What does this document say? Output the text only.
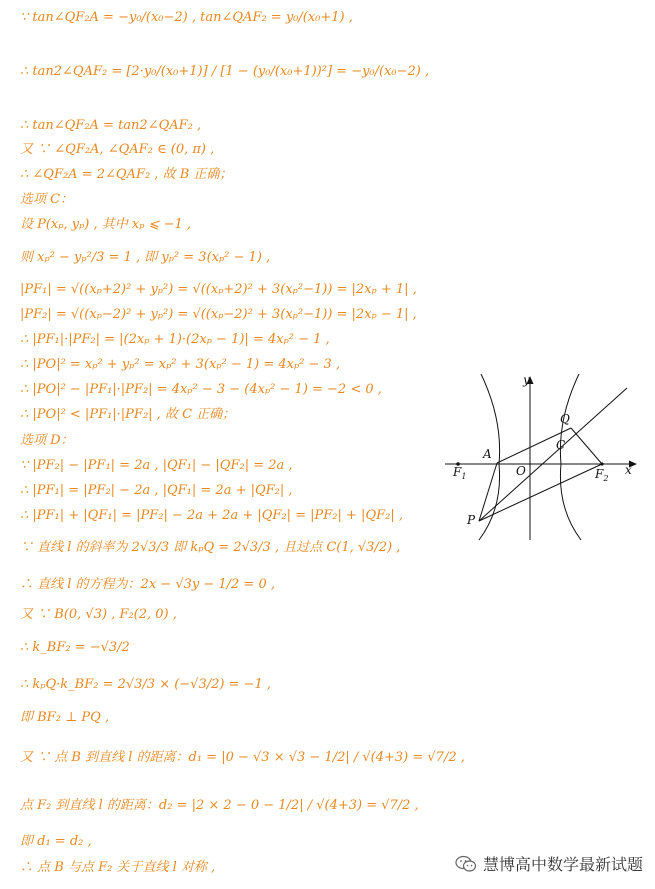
∵ tan∠QF₂A = −y₀/(x₀−2) , tan∠QAF₂ = y₀/(x₀+1) ,
∴ tan2∠QAF₂ = [2·y₀/(x₀+1)] / [1 − (y₀/(x₀+1))²] = −y₀/(x₀−2) ,
∴ tan∠QF₂A = tan2∠QAF₂ ,
又 ∵ ∠QF₂A, ∠QAF₂ ∈ (0, π) ,
∴ ∠QF₂A = 2∠QAF₂ , 故 B 正确；
选项 C：
设 P(xₚ, yₚ) , 其中 xₚ ⩽ −1 ,
则 xₚ² − yₚ²/3 = 1 , 即 yₚ² = 3(xₚ² − 1) ,
|PF₁| = √((xₚ+2)² + yₚ²) = √((xₚ+2)² + 3(xₚ²−1)) = |2xₚ + 1| ,
|PF₂| = √((xₚ−2)² + yₚ²) = √((xₚ−2)² + 3(xₚ²−1)) = |2xₚ − 1| ,
∴ |PF₁|·|PF₂| = |(2xₚ + 1)·(2xₚ − 1)| = 4xₚ² − 1 ,
∴ |PO|² = xₚ² + yₚ² = xₚ² + 3(xₚ² − 1) = 4xₚ² − 3 ,
∴ |PO|² − |PF₁|·|PF₂| = 4xₚ² − 3 − (4xₚ² − 1) = −2 < 0 ,
∴ |PO|² < |PF₁|·|PF₂| , 故 C 正确；
选项 D：
∵ |PF₂| − |PF₁| = 2a , |QF₁| − |QF₂| = 2a ,
∴ |PF₁| = |PF₂| − 2a , |QF₁| = 2a + |QF₂| ,
∴ |PF₁| + |QF₁| = |PF₂| − 2a + 2a + |QF₂| = |PF₂| + |QF₂| ,
∵ 直线 l 的斜率为 2√3/3 即 kₚQ = 2√3/3 , 且过点 C(1, √3/2) ,
∴ 直线 l 的方程为：2x − √3y − 1/2 = 0 ,
又 ∵ B(0, √3) , F₂(2, 0) ,
∴ k_BF₂ = −√3/2
∴ kₚQ·k_BF₂ = 2√3/3 × (−√3/2) = −1 ,
即 BF₂ ⊥ PQ ,
又 ∵ 点 B 到直线 l 的距离：d₁ = |0 − √3 × √3 − 1/2| / √(4+3) = √7/2 ,
点 F₂ 到直线 l 的距离：d₂ = |2 × 2 − 0 − 1/2| / √(4+3) = √7/2 ,
即 d₁ = d₂ ,
∴ 点 B 与点 F₂ 关于直线 l 对称 ,
y
x
Q
C
A
O
$F_1$	$F_2$
P
慧博高中数学最新试题
